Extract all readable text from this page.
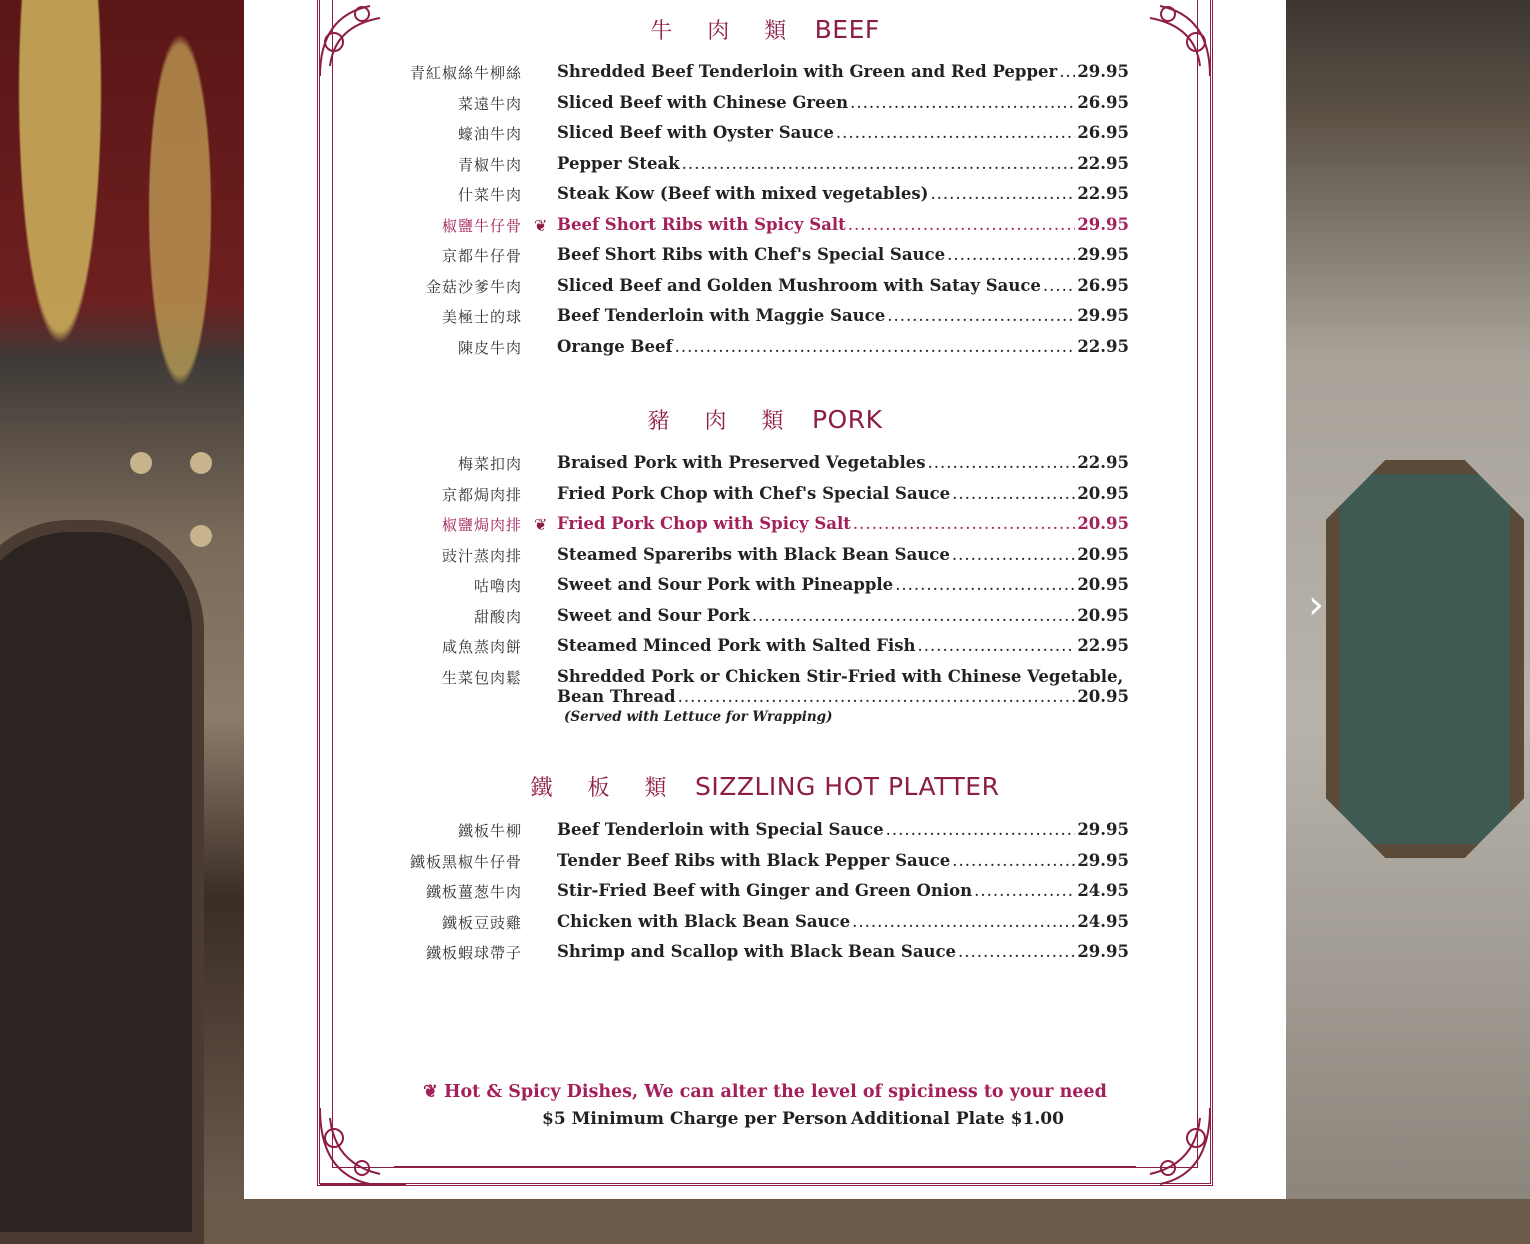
›
牛 肉 類 BEEF
青紅椒絲牛柳絲 Shredded Beef Tenderloin with Green and Red Pepper ..... 29.95
菜遠牛肉 Sliced Beef with Chinese Green .....	26.95
蠔油牛肉 Sliced Beef with Oyster Sauce .....	26.95
青椒牛肉 Pepper Steak .....	22.95
什菜牛肉 Steak Kow (Beef with mixed vegetables) .....	22.95
椒鹽牛仔骨 ❦ Beef Short Ribs with Spicy Salt .....	29.95
京都牛仔骨 Beef Short Ribs with Chef's Special Sauce .....	29.95
金菇沙爹牛肉 Sliced Beef and Golden Mushroom with Satay Sauce ..... 26.95
美極士的球 Beef Tenderloin with Maggie Sauce .....	29.95
陳皮牛肉 Orange Beef .....	22.95
豬 肉 類 PORK
梅菜扣肉 Braised Pork with Preserved Vegetables .....	22.95
京都焗肉排 Fried Pork Chop with Chef's Special Sauce .....	20.95
椒鹽焗肉排 ❦ Fried Pork Chop with Spicy Salt .....	20.95
豉汁蒸肉排 Steamed Spareribs with Black Bean Sauce .....	20.95
咕嚕肉 Sweet and Sour Pork with Pineapple .....	20.95
甜酸肉 Sweet and Sour Pork .....	20.95
咸魚蒸肉餅 Steamed Minced Pork with Salted Fish .....	22.95
生菜包肉鬆 Shredded Pork or Chicken Stir-Fried with Chinese Vegetable,
Bean Thread .....	20.95
(Served with Lettuce for Wrapping)
鐵 板 類 SIZZLING HOT PLATTER
鐵板牛柳 Beef Tenderloin with Special Sauce .....	29.95
鐵板黑椒牛仔骨 Tender Beef Ribs with Black Pepper Sauce .....	29.95
鐵板薑葱牛肉 Stir-Fried Beef with Ginger and Green Onion .....	24.95
鐵板豆豉雞 Chicken with Black Bean Sauce .....	24.95
鐵板蝦球帶子 Shrimp and Scallop with Black Bean Sauce .....	29.95
❦ Hot & Spicy Dishes, We can alter the level of spiciness to your need
$5 Minimum Charge per Person Additional Plate $1.00
